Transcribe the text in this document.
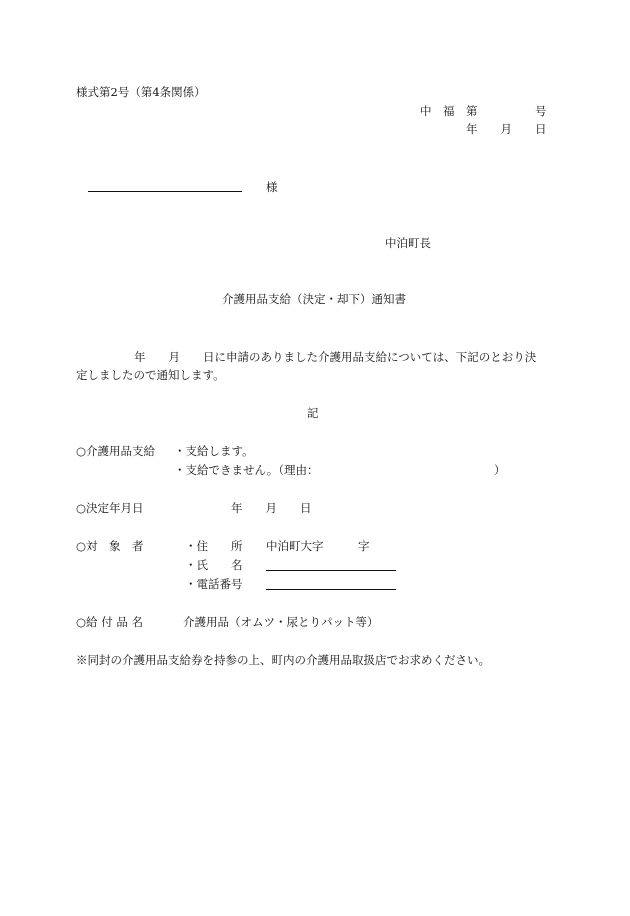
様式第2号（第4条関係）
中　福　第　　　　　号
年　　月　　日
様
中泊町長
介護用品支給（決定・却下）通知書
年　　月　　日に申請のありました介護用品支給については、下記のとおり決
定しましたので通知します。
記
○介護用品支給 ・支給します。
・支給できません。（理由：	）
○決定年月日	年　　月　　日
○対　象　者	・住　　所 中泊町大字　　　字
・氏　　名
・電話番号
○給 付 品 名	介護用品（オムツ・尿とりパット等）
※同封の介護用品支給券を持参の上、町内の介護用品取扱店でお求めください。
